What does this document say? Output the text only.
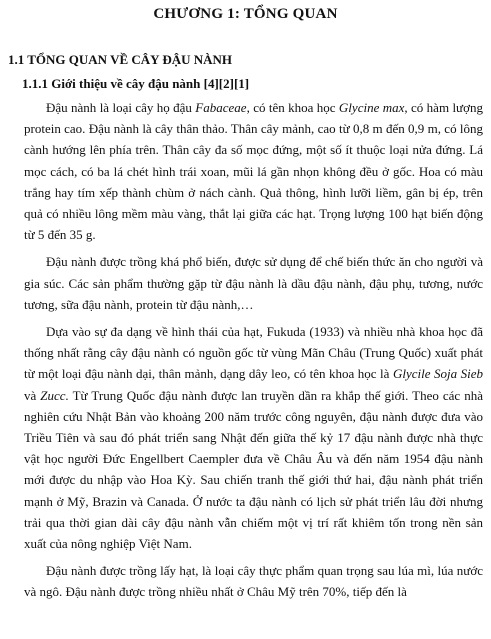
CHƯƠNG 1: TỔNG QUAN
1.1 TỔNG QUAN VỀ CÂY ĐẬU NÀNH
1.1.1 Giới thiệu về cây đậu nành [4][2][1]

Đậu nành là loại cây họ đậu Fabaceae, có tên khoa học Glycine max, có hàm lượng protein cao. Đậu nành là cây thân thảo. Thân cây mảnh, cao từ 0,8 m đến 0,9 m, có lông cành hướng lên phía trên. Thân cây đa số mọc đứng, một số ít thuộc loại nửa đứng. Lá mọc cách, có ba lá chét hình trái xoan, mũi lá gần nhọn không đều ở gốc. Hoa có màu trắng hay tím xếp thành chùm ở nách cành. Quả thông, hình lưỡi liềm, gân bị ép, trên quả có nhiều lông mềm màu vàng, thắt lại giữa các hạt. Trọng lượng 100 hạt biến động từ 5 đến 35 g.

Đậu nành được trồng khá phổ biến, được sử dụng để chế biến thức ăn cho người và gia súc. Các sản phẩm thường gặp từ đậu nành là dầu đậu nành, đậu phụ, tương, nước tương, sữa đậu nành, protein từ đậu nành,…

Dựa vào sự đa dạng về hình thái của hạt, Fukuda (1933) và nhiều nhà khoa học đã thống nhất rằng cây đậu nành có nguồn gốc từ vùng Mãn Châu (Trung Quốc) xuất phát từ một loại đậu nành dại, thân mảnh, dạng dây leo, có tên khoa học là Glycile Soja Sieb và Zucc. Từ Trung Quốc đậu nành được lan truyền dần ra khắp thế giới. Theo các nhà nghiên cứu Nhật Bản vào khoảng 200 năm trước công nguyên, đậu nành được đưa vào Triều Tiên và sau đó phát triển sang Nhật đến giữa thế kỷ 17 đậu nành được nhà thực vật học người Đức Engellbert Caempler đưa về Châu Âu và đến năm 1954 đậu nành mới được du nhập vào Hoa Kỳ. Sau chiến tranh thế giới thứ hai, đậu nành phát triển mạnh ở Mỹ, Brazin và Canada. Ở nước ta đậu nành có lịch sử phát triển lâu đời nhưng trải qua thời gian dài cây đậu nành vẫn chiếm một vị trí rất khiêm tốn trong nền sản xuất của nông nghiệp Việt Nam.

Đậu nành được trồng lấy hạt, là loại cây thực phẩm quan trọng sau lúa mì, lúa nước và ngô. Đậu nành được trồng nhiều nhất ở Châu Mỹ trên 70%, tiếp đến là
